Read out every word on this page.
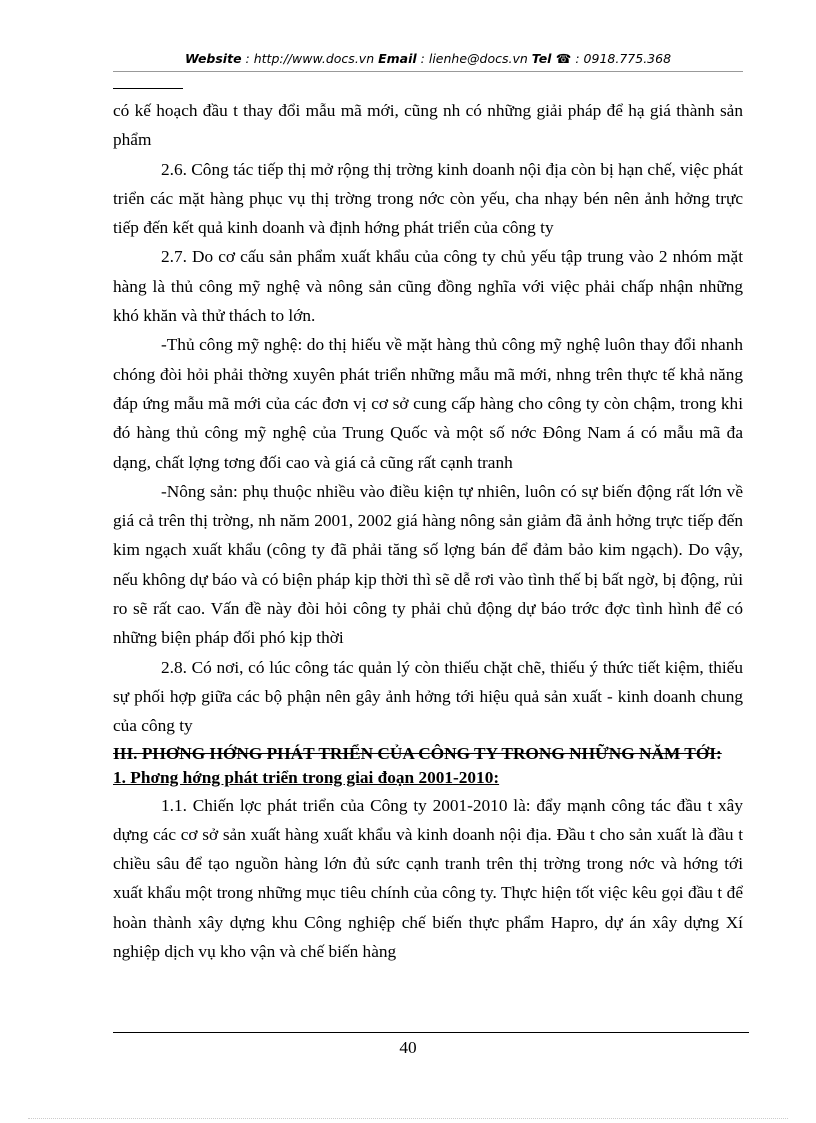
Website : http://www.docs.vn Email : lienhe@docs.vn Tel ☎ : 0918.775.368

có kế hoạch đầu t thay đổi mẫu mã mới, cũng nh có những giải pháp để hạ giá thành sản phẩm

2.6. Công tác tiếp thị mở rộng thị trờng kinh doanh nội địa còn bị hạn chế, việc phát triển các mặt hàng phục vụ thị trờng trong nớc còn yếu, cha nhạy bén nên ảnh hởng trực tiếp đến kết quả kinh doanh và định hớng phát triển của công ty

2.7. Do cơ cấu sản phẩm xuất khẩu của công ty chủ yếu tập trung vào 2 nhóm mặt hàng là thủ công mỹ nghệ và nông sản cũng đồng nghĩa với việc phải chấp nhận những khó khăn và thử thách to lớn.

-Thủ công mỹ nghệ: do thị hiếu về mặt hàng thủ công mỹ nghệ luôn thay đổi nhanh chóng đòi hỏi phải thờng xuyên phát triển những mẫu mã mới, nhng trên thực tế khả năng đáp ứng mẫu mã mới của các đơn vị cơ sở cung cấp hàng cho công ty còn chậm, trong khi đó hàng thủ công mỹ nghệ của Trung Quốc và một số nớc Đông Nam á có mẫu mã đa dạng, chất lợng tơng đối cao và giá cả cũng rất cạnh tranh

-Nông sản: phụ thuộc nhiều vào điều kiện tự nhiên, luôn có sự biến động rất lớn về giá cả trên thị trờng, nh năm 2001, 2002 giá hàng nông sản giảm đã ảnh hởng trực tiếp đến kim ngạch xuất khẩu (công ty đã phải tăng số lợng bán để đảm bảo kim ngạch). Do vậy, nếu không dự báo và có biện pháp kịp thời thì sẽ dễ rơi vào tình thế bị bất ngờ, bị động, rủi ro sẽ rất cao. Vấn đề này đòi hỏi công ty phải chủ động dự báo trớc đợc tình hình để có những biện pháp đối phó kịp thời

2.8. Có nơi, có lúc công tác quản lý còn thiếu chặt chẽ, thiếu ý thức tiết kiệm, thiếu sự phối hợp giữa các bộ phận nên gây ảnh hởng tới hiệu quả sản xuất - kinh doanh chung của công ty

III. PHƠNG HỚNG PHÁT TRIỂN CỦA CÔNG TY TRONG NHỮNG NĂM TỚI:

1. Phơng hớng phát triển trong giai đoạn 2001-2010:

1.1. Chiến lợc phát triển của Công ty 2001-2010 là: đẩy mạnh công tác đầu t xây dựng các cơ sở sản xuất hàng xuất khẩu và kinh doanh nội địa. Đầu t cho sản xuất là đầu t chiều sâu để tạo nguồn hàng lớn đủ sức cạnh tranh trên thị trờng trong nớc và hớng tới xuất khẩu một trong những mục tiêu chính của công ty. Thực hiện tốt việc kêu gọi đầu t để hoàn thành xây dựng khu Công nghiệp chế biến thực phẩm Hapro, dự án xây dựng Xí nghiệp dịch vụ kho vận và chế biến hàng

40
